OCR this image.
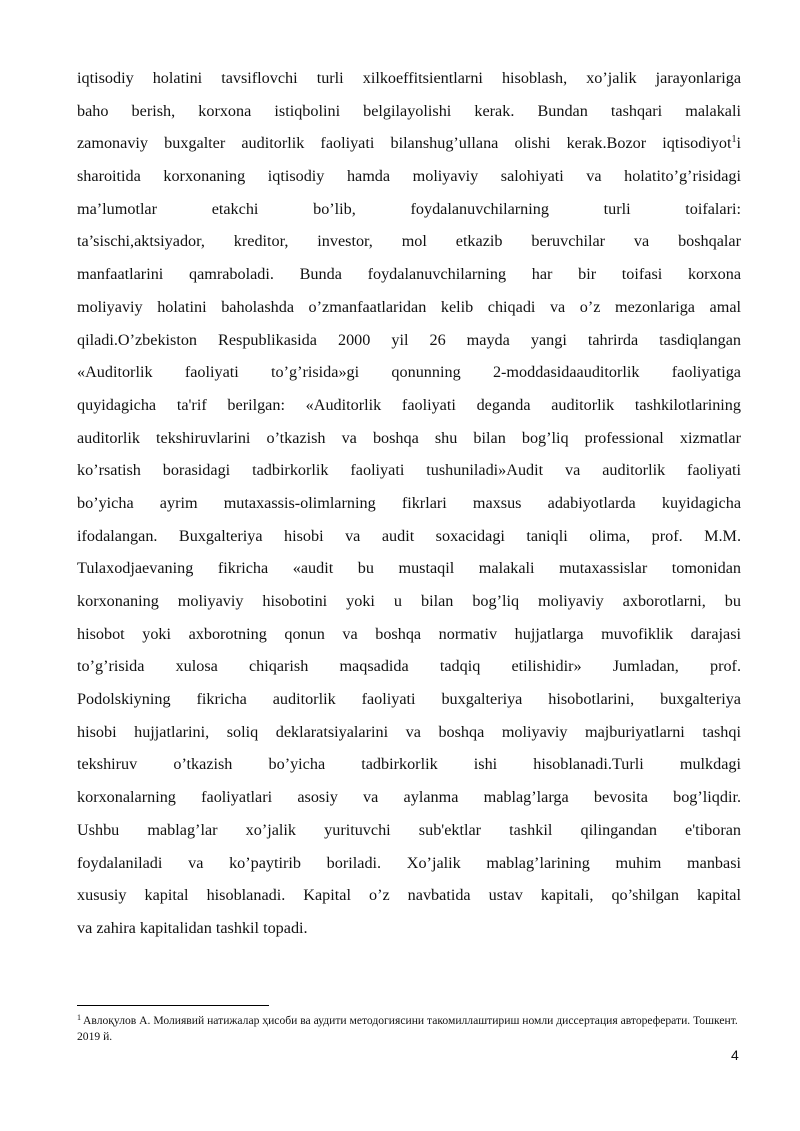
iqtisodiy holatini tavsiflovchi turli xilkoeffitsientlarni hisoblash, xo’jalik jarayonlariga
baho berish, korxona istiqbolini belgilayolishi kerak. Bundan tashqari malakali
zamonaviy buxgalter auditorlik faoliyati bilanshug’ullana olishi kerak.Bozor iqtisodiyot$^1$i
sharoitida korxonaning iqtisodiy hamda moliyaviy salohiyati va holatito’g’risidagi
ma’lumotlar etakchi bo’lib, foydalanuvchilarning turli toifalari:
ta’sischi,aktsiyador, kreditor, investor, mol etkazib beruvchilar va boshqalar
manfaatlarini qamraboladi. Bunda foydalanuvchilarning har bir toifasi korxona
moliyaviy holatini baholashda o’zmanfaatlaridan kelib chiqadi va o’z mezonlariga amal
qiladi.O’zbekiston Respublikasida 2000 yil 26 mayda yangi tahrirda tasdiqlangan
«Auditorlik faoliyati to’g’risida»gi qonunning 2-moddasidaauditorlik faoliyatiga
quyidagicha ta'rif berilgan: «Auditorlik faoliyati deganda auditorlik tashkilotlarining
auditorlik tekshiruvlarini o’tkazish va boshqa shu bilan bog’liq professional xizmatlar
ko’rsatish borasidagi tadbirkorlik faoliyati tushuniladi»Audit va auditorlik faoliyati
bo’yicha ayrim mutaxassis-olimlarning fikrlari maxsus adabiyotlarda kuyidagicha
ifodalangan. Buxgalteriya hisobi va audit soxacidagi taniqli olima, prof. M.M.
Tulaxodjaevaning fikricha «audit bu mustaqil malakali mutaxassislar tomonidan
korxonaning moliyaviy hisobotini yoki u bilan bog’liq moliyaviy axborotlarni, bu
hisobot yoki axborotning qonun va boshqa normativ hujjatlarga muvofiklik darajasi
to’g’risida xulosa chiqarish maqsadida tadqiq etilishidir» Jumladan, prof.
Podolskiyning fikricha auditorlik faoliyati buxgalteriya hisobotlarini, buxgalteriya
hisobi hujjatlarini, soliq deklaratsiyalarini va boshqa moliyaviy majburiyatlarni tashqi
tekshiruv o’tkazish bo’yicha tadbirkorlik ishi hisoblanadi.Turli mulkdagi
korxonalarning faoliyatlari asosiy va aylanma mablag’larga bevosita bog’liqdir.
Ushbu mablag’lar xo’jalik yurituvchi sub'ektlar tashkil qilingandan e'tiboran
foydalaniladi va ko’paytirib boriladi. Xo’jalik mablag’larining muhim manbasi
xususiy kapital hisoblanadi. Kapital o’z navbatida ustav kapitali, qo’shilgan kapital
va zahira kapitalidan tashkil topadi.
$^1$ Авлоқулов А. Молиявий натижалар ҳисоби ва аудити методогиясини такомиллаштириш номли диссертация автореферати. Тошкент. 2019 й.
4
